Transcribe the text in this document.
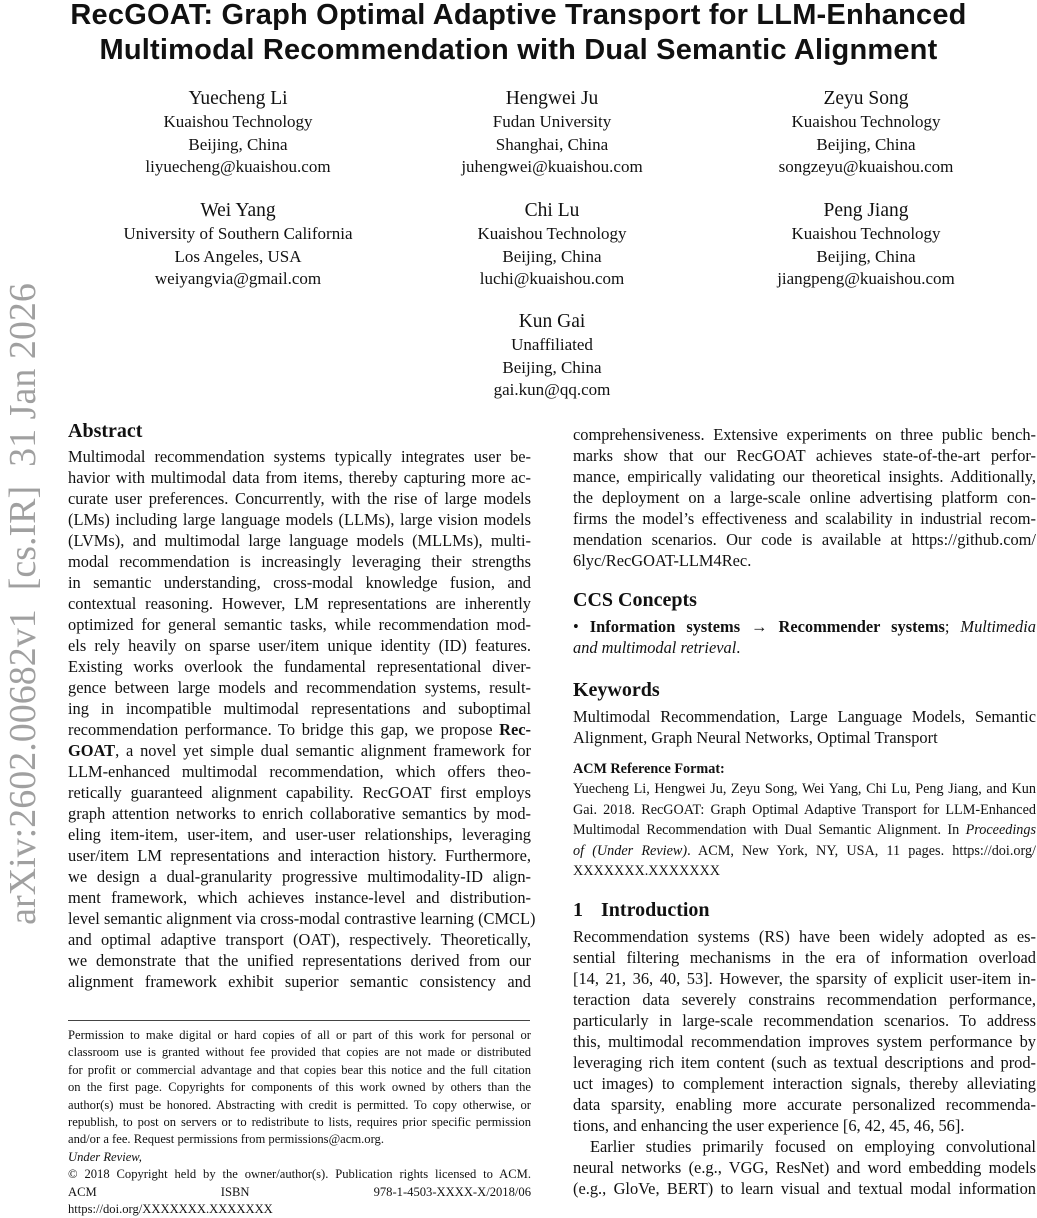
arXiv:2602.00682v1  [cs.IR]  31 Jan 2026
RecGOAT: Graph Optimal Adaptive Transport for LLM-Enhanced
Multimodal Recommendation with Dual Semantic Alignment
Yuecheng Li
Kuaishou Technology
Beijing, China
liyuecheng@kuaishou.com
Hengwei Ju
Fudan University
Shanghai, China
juhengwei@kuaishou.com
Zeyu Song
Kuaishou Technology
Beijing, China
songzeyu@kuaishou.com
Wei Yang
University of Southern California
Los Angeles, USA
weiyangvia@gmail.com
Chi Lu
Kuaishou Technology
Beijing, China
luchi@kuaishou.com
Peng Jiang
Kuaishou Technology
Beijing, China
jiangpeng@kuaishou.com
Kun Gai
Unaffiliated
Beijing, China
gai.kun@qq.com
Abstract
Multimodal recommendation systems typically integrates user be-
havior with multimodal data from items, thereby capturing more ac-
curate user preferences. Concurrently, with the rise of large models
(LMs) including large language models (LLMs), large vision models
(LVMs), and multimodal large language models (MLLMs), multi-
modal recommendation is increasingly leveraging their strengths
in semantic understanding, cross-modal knowledge fusion, and
contextual reasoning. However, LM representations are inherently
optimized for general semantic tasks, while recommendation mod-
els rely heavily on sparse user/item unique identity (ID) features.
Existing works overlook the fundamental representational diver-
gence between large models and recommendation systems, result-
ing in incompatible multimodal representations and suboptimal
recommendation performance. To bridge this gap, we propose Rec-
GOAT, a novel yet simple dual semantic alignment framework for
LLM-enhanced multimodal recommendation, which offers theo-
retically guaranteed alignment capability. RecGOAT first employs
graph attention networks to enrich collaborative semantics by mod-
eling item-item, user-item, and user-user relationships, leveraging
user/item LM representations and interaction history. Furthermore,
we design a dual-granularity progressive multimodality-ID align-
ment framework, which achieves instance-level and distribution-
level semantic alignment via cross-modal contrastive learning (CMCL)
and optimal adaptive transport (OAT), respectively. Theoretically,
we demonstrate that the unified representations derived from our
alignment framework exhibit superior semantic consistency and
comprehensiveness. Extensive experiments on three public bench-
marks show that our RecGOAT achieves state-of-the-art perfor-
mance, empirically validating our theoretical insights. Additionally,
the deployment on a large-scale online advertising platform con-
firms the model’s effectiveness and scalability in industrial recom-
mendation scenarios. Our code is available at https://github.com/
6lyc/RecGOAT-LLM4Rec.
CCS Concepts
• Information systems → Recommender systems; Multimedia
and multimodal retrieval.
Keywords
Multimodal Recommendation, Large Language Models, Semantic
Alignment, Graph Neural Networks, Optimal Transport
ACM Reference Format:
Yuecheng Li, Hengwei Ju, Zeyu Song, Wei Yang, Chi Lu, Peng Jiang, and Kun
Gai. 2018. RecGOAT: Graph Optimal Adaptive Transport for LLM-Enhanced
Multimodal Recommendation with Dual Semantic Alignment. In Proceedings
of (Under Review). ACM, New York, NY, USA, 11 pages. https://doi.org/
XXXXXXX.XXXXXXX
1 Introduction
Recommendation systems (RS) have been widely adopted as es-
sential filtering mechanisms in the era of information overload
[14, 21, 36, 40, 53]. However, the sparsity of explicit user-item in-
teraction data severely constrains recommendation performance,
particularly in large-scale recommendation scenarios. To address
this, multimodal recommendation improves system performance by
leveraging rich item content (such as textual descriptions and prod-
uct images) to complement interaction signals, thereby alleviating
data sparsity, enabling more accurate personalized recommenda-
tions, and enhancing the user experience [6, 42, 45, 46, 56].
Earlier studies primarily focused on employing convolutional
neural networks (e.g., VGG, ResNet) and word embedding models
(e.g., GloVe, BERT) to learn visual and textual modal information
Permission to make digital or hard copies of all or part of this work for personal or
classroom use is granted without fee provided that copies are not made or distributed
for profit or commercial advantage and that copies bear this notice and the full citation
on the first page. Copyrights for components of this work owned by others than the
author(s) must be honored. Abstracting with credit is permitted. To copy otherwise, or
republish, to post on servers or to redistribute to lists, requires prior specific permission
and/or a fee. Request permissions from permissions@acm.org.
Under Review,
© 2018 Copyright held by the owner/author(s). Publication rights licensed to ACM.
ACM ISBN 978-1-4503-XXXX-X/2018/06
https://doi.org/XXXXXXX.XXXXXXX
